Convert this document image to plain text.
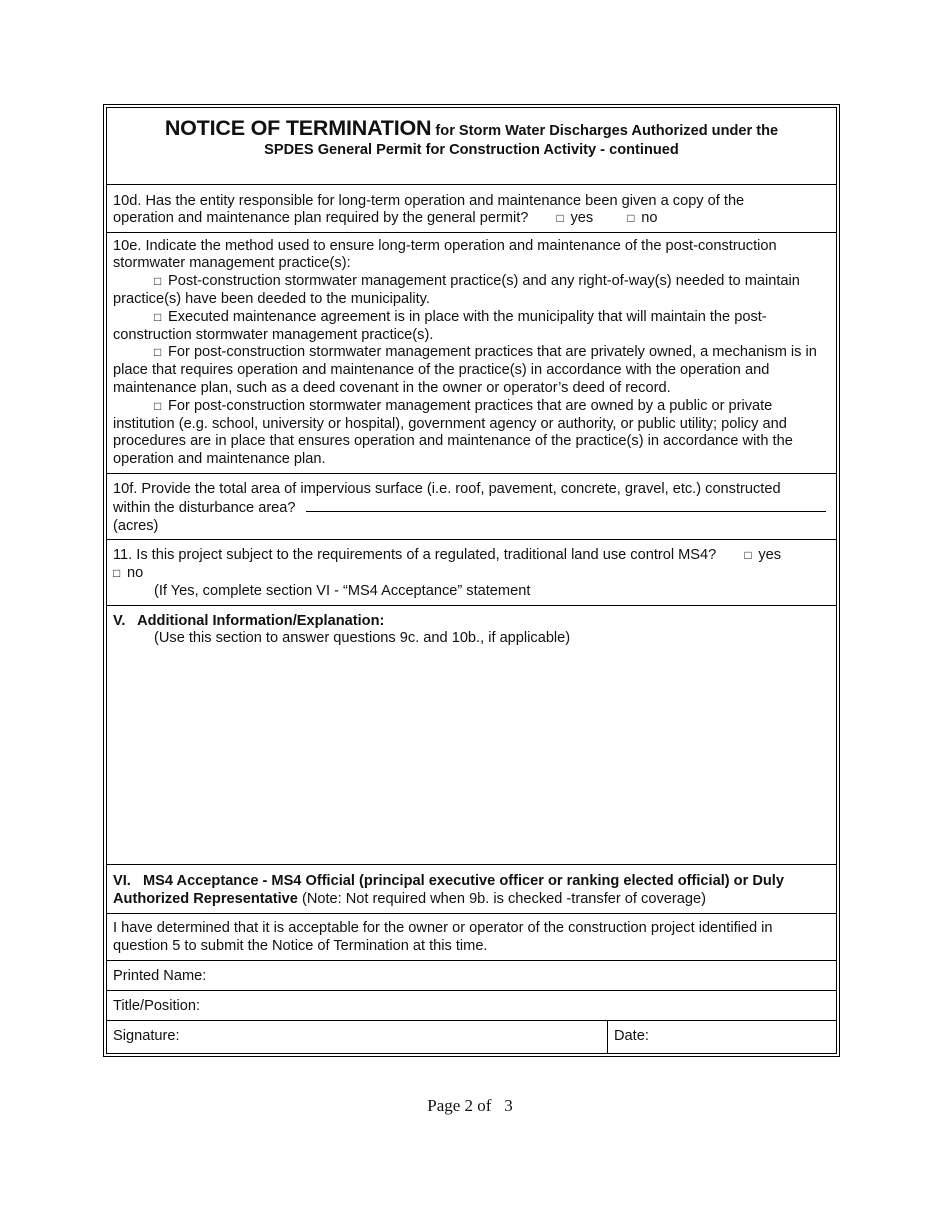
NOTICE OF TERMINATION for Storm Water Discharges Authorized under the
SPDES General Permit for Construction Activity - continued
10d. Has the entity responsible for long-term operation and maintenance been given a copy of the
operation and maintenance plan required by the general permit? □ yes	□ no
10e. Indicate the method used to ensure long-term operation and maintenance of the post-construction stormwater management practice(s):
□ Post-construction stormwater management practice(s) and any right-of-way(s) needed to maintain practice(s) have been deeded to the municipality.
□ Executed maintenance agreement is in place with the municipality that will maintain the post-construction stormwater management practice(s).
□ For post-construction stormwater management practices that are privately owned, a mechanism is in place that requires operation and maintenance of the practice(s) in accordance with the operation and maintenance plan, such as a deed covenant in the owner or operator’s deed of record.
□ For post-construction stormwater management practices that are owned by a public or private institution (e.g. school, university or hospital), government agency or authority, or public utility; policy and procedures are in place that ensures operation and maintenance of the practice(s) in accordance with the operation and maintenance plan.
10f. Provide the total area of impervious surface (i.e. roof, pavement, concrete, gravel, etc.) constructed
within the disturbance area?
(acres)
11. Is this project subject to the requirements of a regulated, traditional land use control MS4? □ yes
□ no
(If Yes, complete section VI - “MS4 Acceptance” statement
V.   Additional Information/Explanation:
(Use this section to answer questions 9c. and 10b., if applicable)
VI.   MS4 Acceptance - MS4 Official (principal executive officer or ranking elected official) or Duly Authorized Representative (Note: Not required when 9b. is checked -transfer of coverage)
I have determined that it is acceptable for the owner or operator of the construction project identified in question 5 to submit the Notice of Termination at this time.
Printed Name:
Title/Position:
Signature:	Date:
Page 2 of   3
